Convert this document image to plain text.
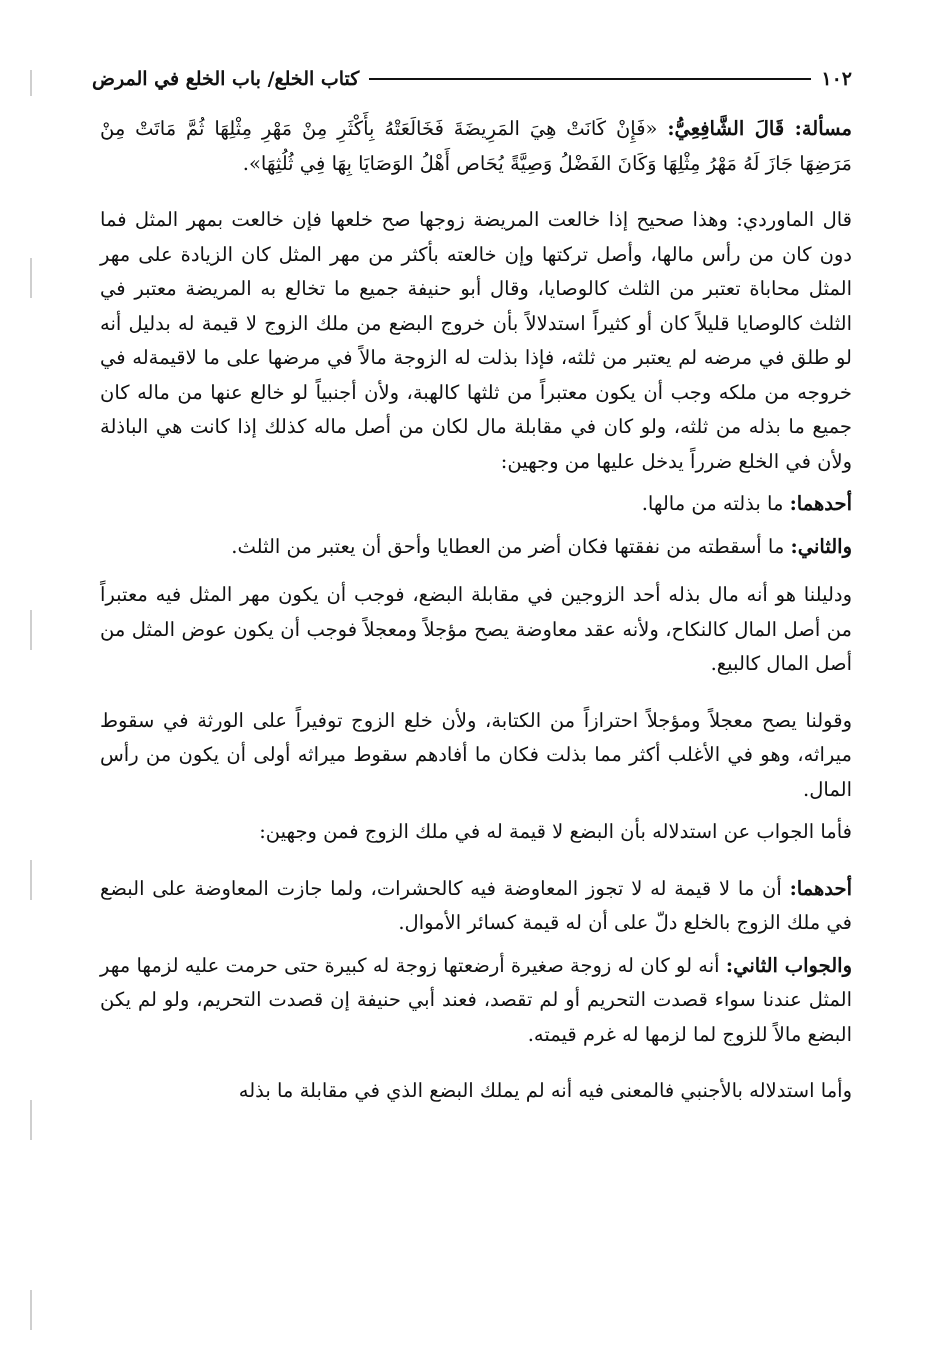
١٠٢
كتاب الخلع/ باب الخلع في المرض

مسألة: قَالَ الشَّافِعِيُّ: «فَإِنْ كَانَتْ هِيَ المَرِيضَةَ فَخَالَعَتْهُ بِأَكْثَرِ مِنْ مَهْرِ مِثْلِهَا ثُمَّ مَاتَتْ مِنْ مَرَضِهَا جَازَ لَهُ مَهْرُ مِثْلِهَا وَكَانَ الفَضْلُ وَصِيَّةً يُحَاص أَهْلُ الوَصَايَا بِهَا فِي ثُلُثِهَا».

قال الماوردي: وهذا صحيح إذا خالعت المريضة زوجها صح خلعها فإن خالعت بمهر المثل فما دون كان من رأس مالها، وأصل تركتها وإن خالعته بأكثر من مهر المثل كان الزيادة على مهر المثل محاباة تعتبر من الثلث كالوصايا، وقال أبو حنيفة جميع ما تخالع به المريضة معتبر في الثلث كالوصايا قليلاً كان أو كثيراً استدلالاً بأن خروج البضع من ملك الزوج لا قيمة له بدليل أنه لو طلق في مرضه لم يعتبر من ثلثه، فإذا بذلت له الزوجة مالاً في مرضها على ما لاقيمةله في خروجه من ملكه وجب أن يكون معتبراً من ثلثها كالهبة، ولأن أجنبياً لو خالع عنها من ماله كان جميع ما بذله من ثلثه، ولو كان في مقابلة مال لكان من أصل ماله كذلك إذا كانت هي الباذلة ولأن في الخلع ضرراً يدخل عليها من وجهين:

أحدهما: ما بذلته من مالها.

والثاني: ما أسقطته من نفقتها فكان أضر من العطايا وأحق أن يعتبر من الثلث.

ودليلنا هو أنه مال بذله أحد الزوجين في مقابلة البضع، فوجب أن يكون مهر المثل فيه معتبراً من أصل المال كالنكاح، ولأنه عقد معاوضة يصح مؤجلاً ومعجلاً فوجب أن يكون عوض المثل من أصل المال كالبيع.

وقولنا يصح معجلاً ومؤجلاً احترازاً من الكتابة، ولأن خلع الزوج توفيراً على الورثة في سقوط ميراثه، وهو في الأغلب أكثر مما بذلت فكان ما أفادهم سقوط ميراثه أولى أن يكون من رأس المال.

فأما الجواب عن استدلاله بأن البضع لا قيمة له في ملك الزوج فمن وجهين:

أحدهما: أن ما لا قيمة له لا تجوز المعاوضة فيه كالحشرات، ولما جازت المعاوضة على البضع في ملك الزوج بالخلع دلّ على أن له قيمة كسائر الأموال.

والجواب الثاني: أنه لو كان له زوجة صغيرة أرضعتها زوجة له كبيرة حتى حرمت عليه لزمها مهر المثل عندنا سواء قصدت التحريم أو لم تقصد، فعند أبي حنيفة إن قصدت التحريم، ولو لم يكن البضع مالاً للزوج لما لزمها له غرم قيمته.

وأما استدلاله بالأجنبي فالمعنى فيه أنه لم يملك البضع الذي في مقابلة ما بذله
